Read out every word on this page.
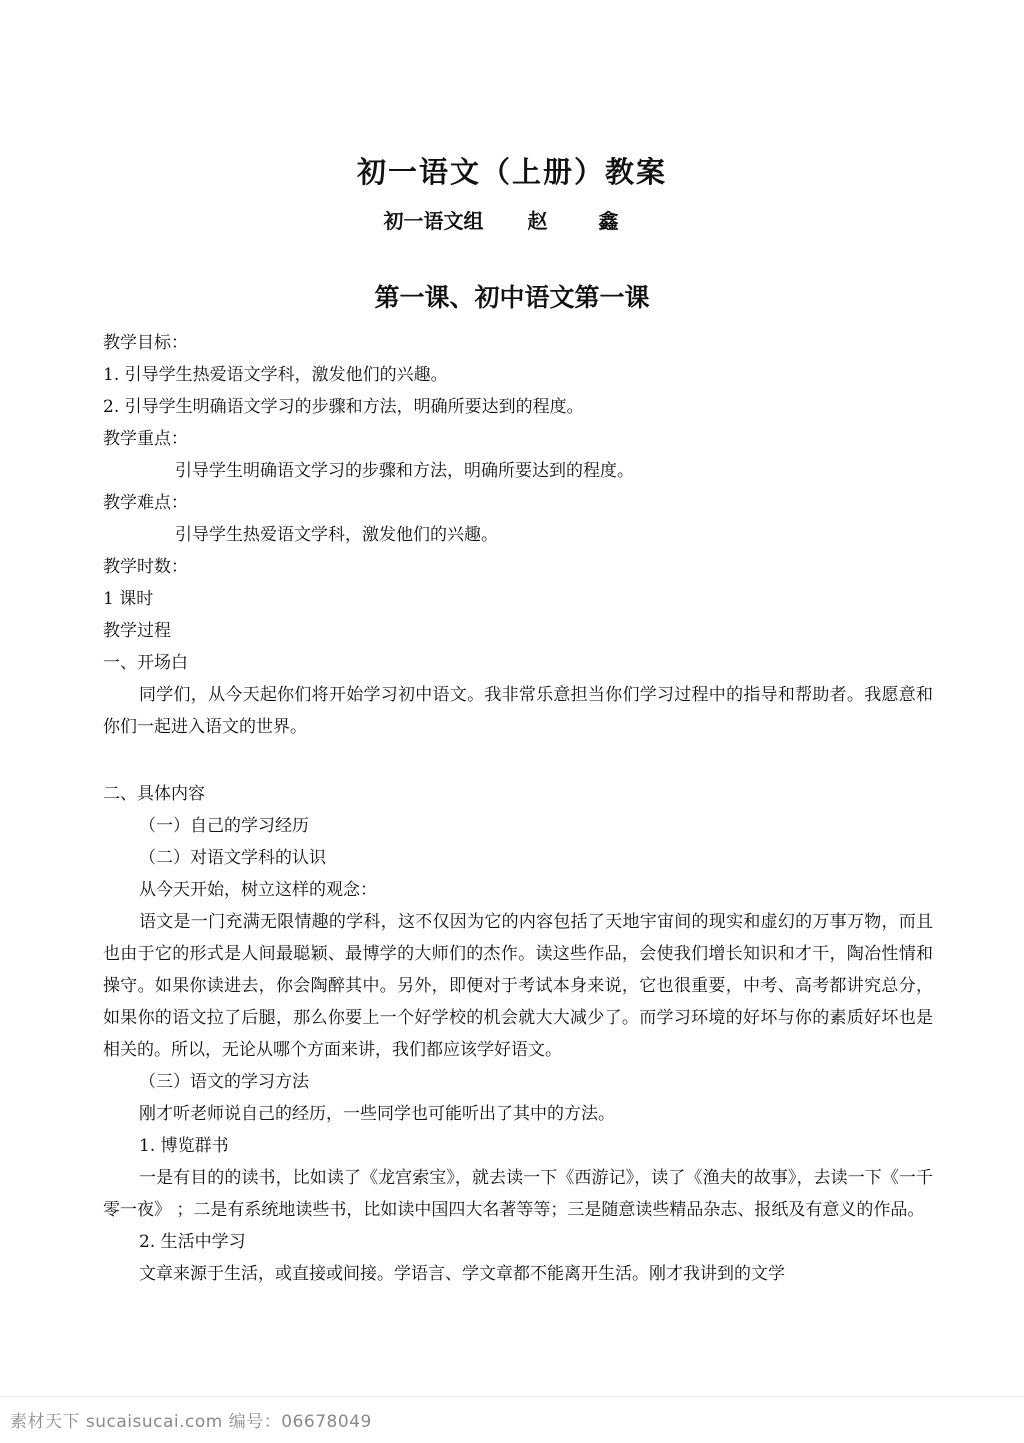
初一语文（上册）教案
初一语文组 赵 鑫
第一课、初中语文第一课
教学目标：
1. 引导学生热爱语文学科，激发他们的兴趣。
2. 引导学生明确语文学习的步骤和方法，明确所要达到的程度。
教学重点：
引导学生明确语文学习的步骤和方法，明确所要达到的程度。
教学难点：
引导学生热爱语文学科，激发他们的兴趣。
教学时数：
1 课时
教学过程
一、开场白
同学们，从今天起你们将开始学习初中语文。我非常乐意担当你们学习过程中的指导和帮助者。我愿意和你们一起进入语文的世界。
二、具体内容
（一）自己的学习经历
（二）对语文学科的认识
从今天开始，树立这样的观念：
语文是一门充满无限情趣的学科，这不仅因为它的内容包括了天地宇宙间的现实和虚幻的万事万物，而且也由于它的形式是人间最聪颖、最博学的大师们的杰作。读这些作品，会使我们增长知识和才干，陶冶性情和操守。如果你读进去，你会陶醉其中。另外，即便对于考试本身来说，它也很重要，中考、高考都讲究总分，如果你的语文拉了后腿，那么你要上一个好学校的机会就大大减少了。而学习环境的好坏与你的素质好坏也是相关的。所以，无论从哪个方面来讲，我们都应该学好语文。
（三）语文的学习方法
刚才听老师说自己的经历，一些同学也可能听出了其中的方法。
1. 博览群书
一是有目的的读书，比如读了《龙宫索宝》，就去读一下《西游记》，读了《渔夫的故事》，去读一下《一千零一夜》 ；二是有系统地读些书，比如读中国四大名著等等；三是随意读些精品杂志、报纸及有意义的作品。
2. 生活中学习
文章来源于生活，或直接或间接。学语言、学文章都不能离开生活。刚才我讲到的文学
素材天下 sucaisucai.com 编号：06678049
